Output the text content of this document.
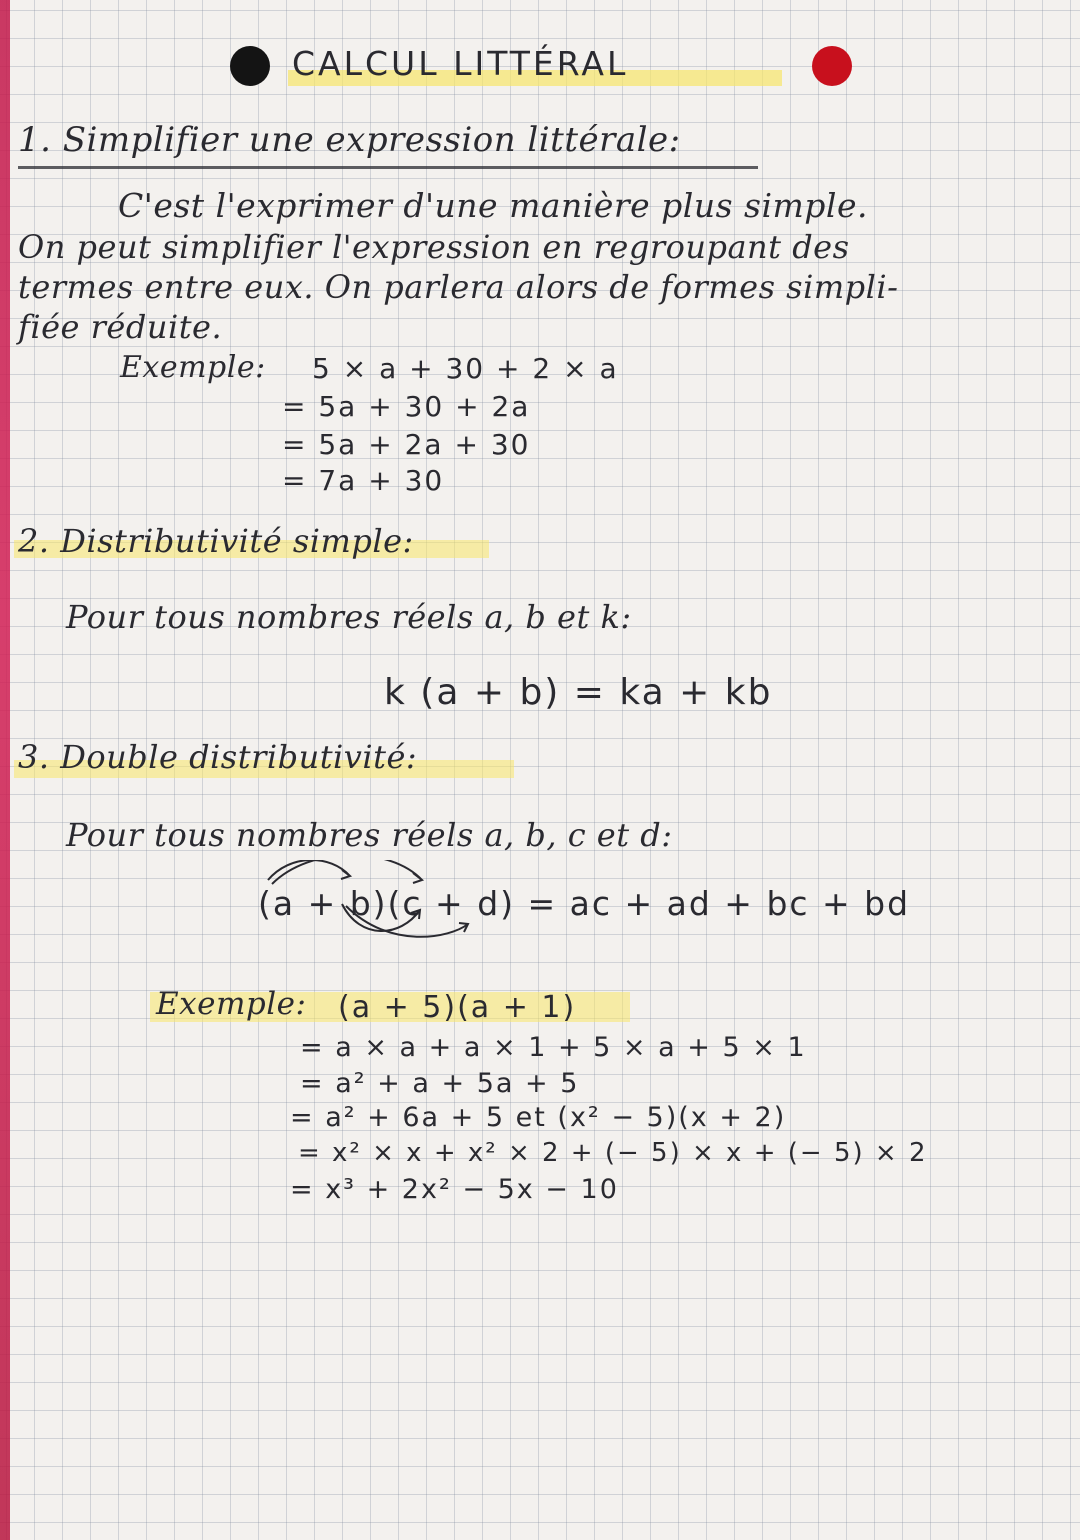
CALCUL LITTÉRAL
1. Simplifier une expression littérale:
C'est l'exprimer d'une manière plus simple.
On peut simplifier l'expression en regroupant des
termes entre eux. On parlera alors de formes simpli-
fiée réduite.
Exemple: 5 × a + 30 + 2 × a
= 5a + 30 + 2a
= 5a + 2a + 30
= 7a + 30
2. Distributivité simple:
Pour tous nombres réels a, b et k:
k (a + b) = ka + kb
3. Double distributivité:
Pour tous nombres réels a, b, c et d:
(a + b)(c + d) = ac + ad + bc + bd
Exemple: (a + 5)(a + 1)
= a × a + a × 1 + 5 × a + 5 × 1
= a² + a + 5a + 5
= a² + 6a + 5 et (x² − 5)(x + 2)
= x² × x + x² × 2 + (− 5) × x + (− 5) × 2
= x³ + 2x² − 5x − 10
